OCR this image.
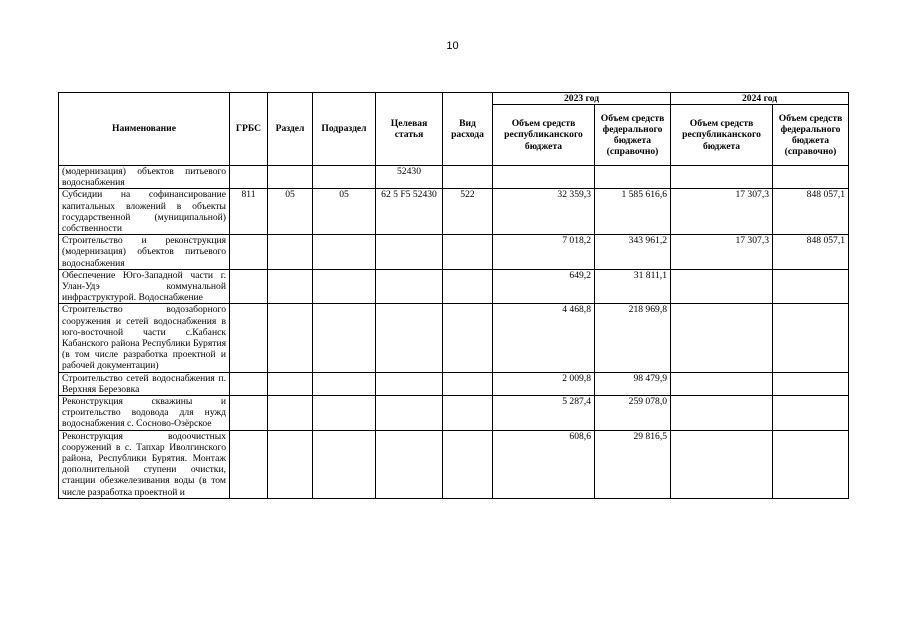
10
Наименование	ГРБС	Раздел	Подраздел	Целевая статья	Вид расхода	2023 год		2024 год	
						Объем средств республиканского бюджета	Объем средств федерального бюджета (справочно)	Объем средств республиканского бюджета	Объем средств федерального бюджета (справочно)
(модернизация) объектов питьевого водоснабжения				52430					
Субсидии на софинансирование капитальных вложений в объекты государственной (муниципальной) собственности	811	05	05	62 5 F5 52430	522	32 359,3	1 585 616,6	17 307,3	848 057,1
Строительство и реконструкция (модернизация) объектов питьевого водоснабжения						7 018,2	343 961,2	17 307,3	848 057,1
Обеспечение Юго-Западной части г. Улан-Удэ коммунальной инфраструктурой. Водоснабжение						649,2	31 811,1		
Строительство водозаборного сооружения и сетей водоснабжения в юго-восточной части с.Кабанск Кабанского района Республики Бурятия (в том числе разработка проектной и рабочей документации)						4 468,8	218 969,8		
Строительство сетей водоснабжения п. Верхняя Березовка						2 009,8	98 479,9		
Реконструкция скважины и строительство водовода для нужд водоснабжения с. Сосново-Озёрское						5 287,4	259 078,0		
Реконструкция водоочистных сооружений в с. Тапхар Иволгинского района, Республики Бурятия. Монтаж дополнительной ступени очистки, станции обезжелезивания воды (в том числе разработка проектной и						608,6	29 816,5		
